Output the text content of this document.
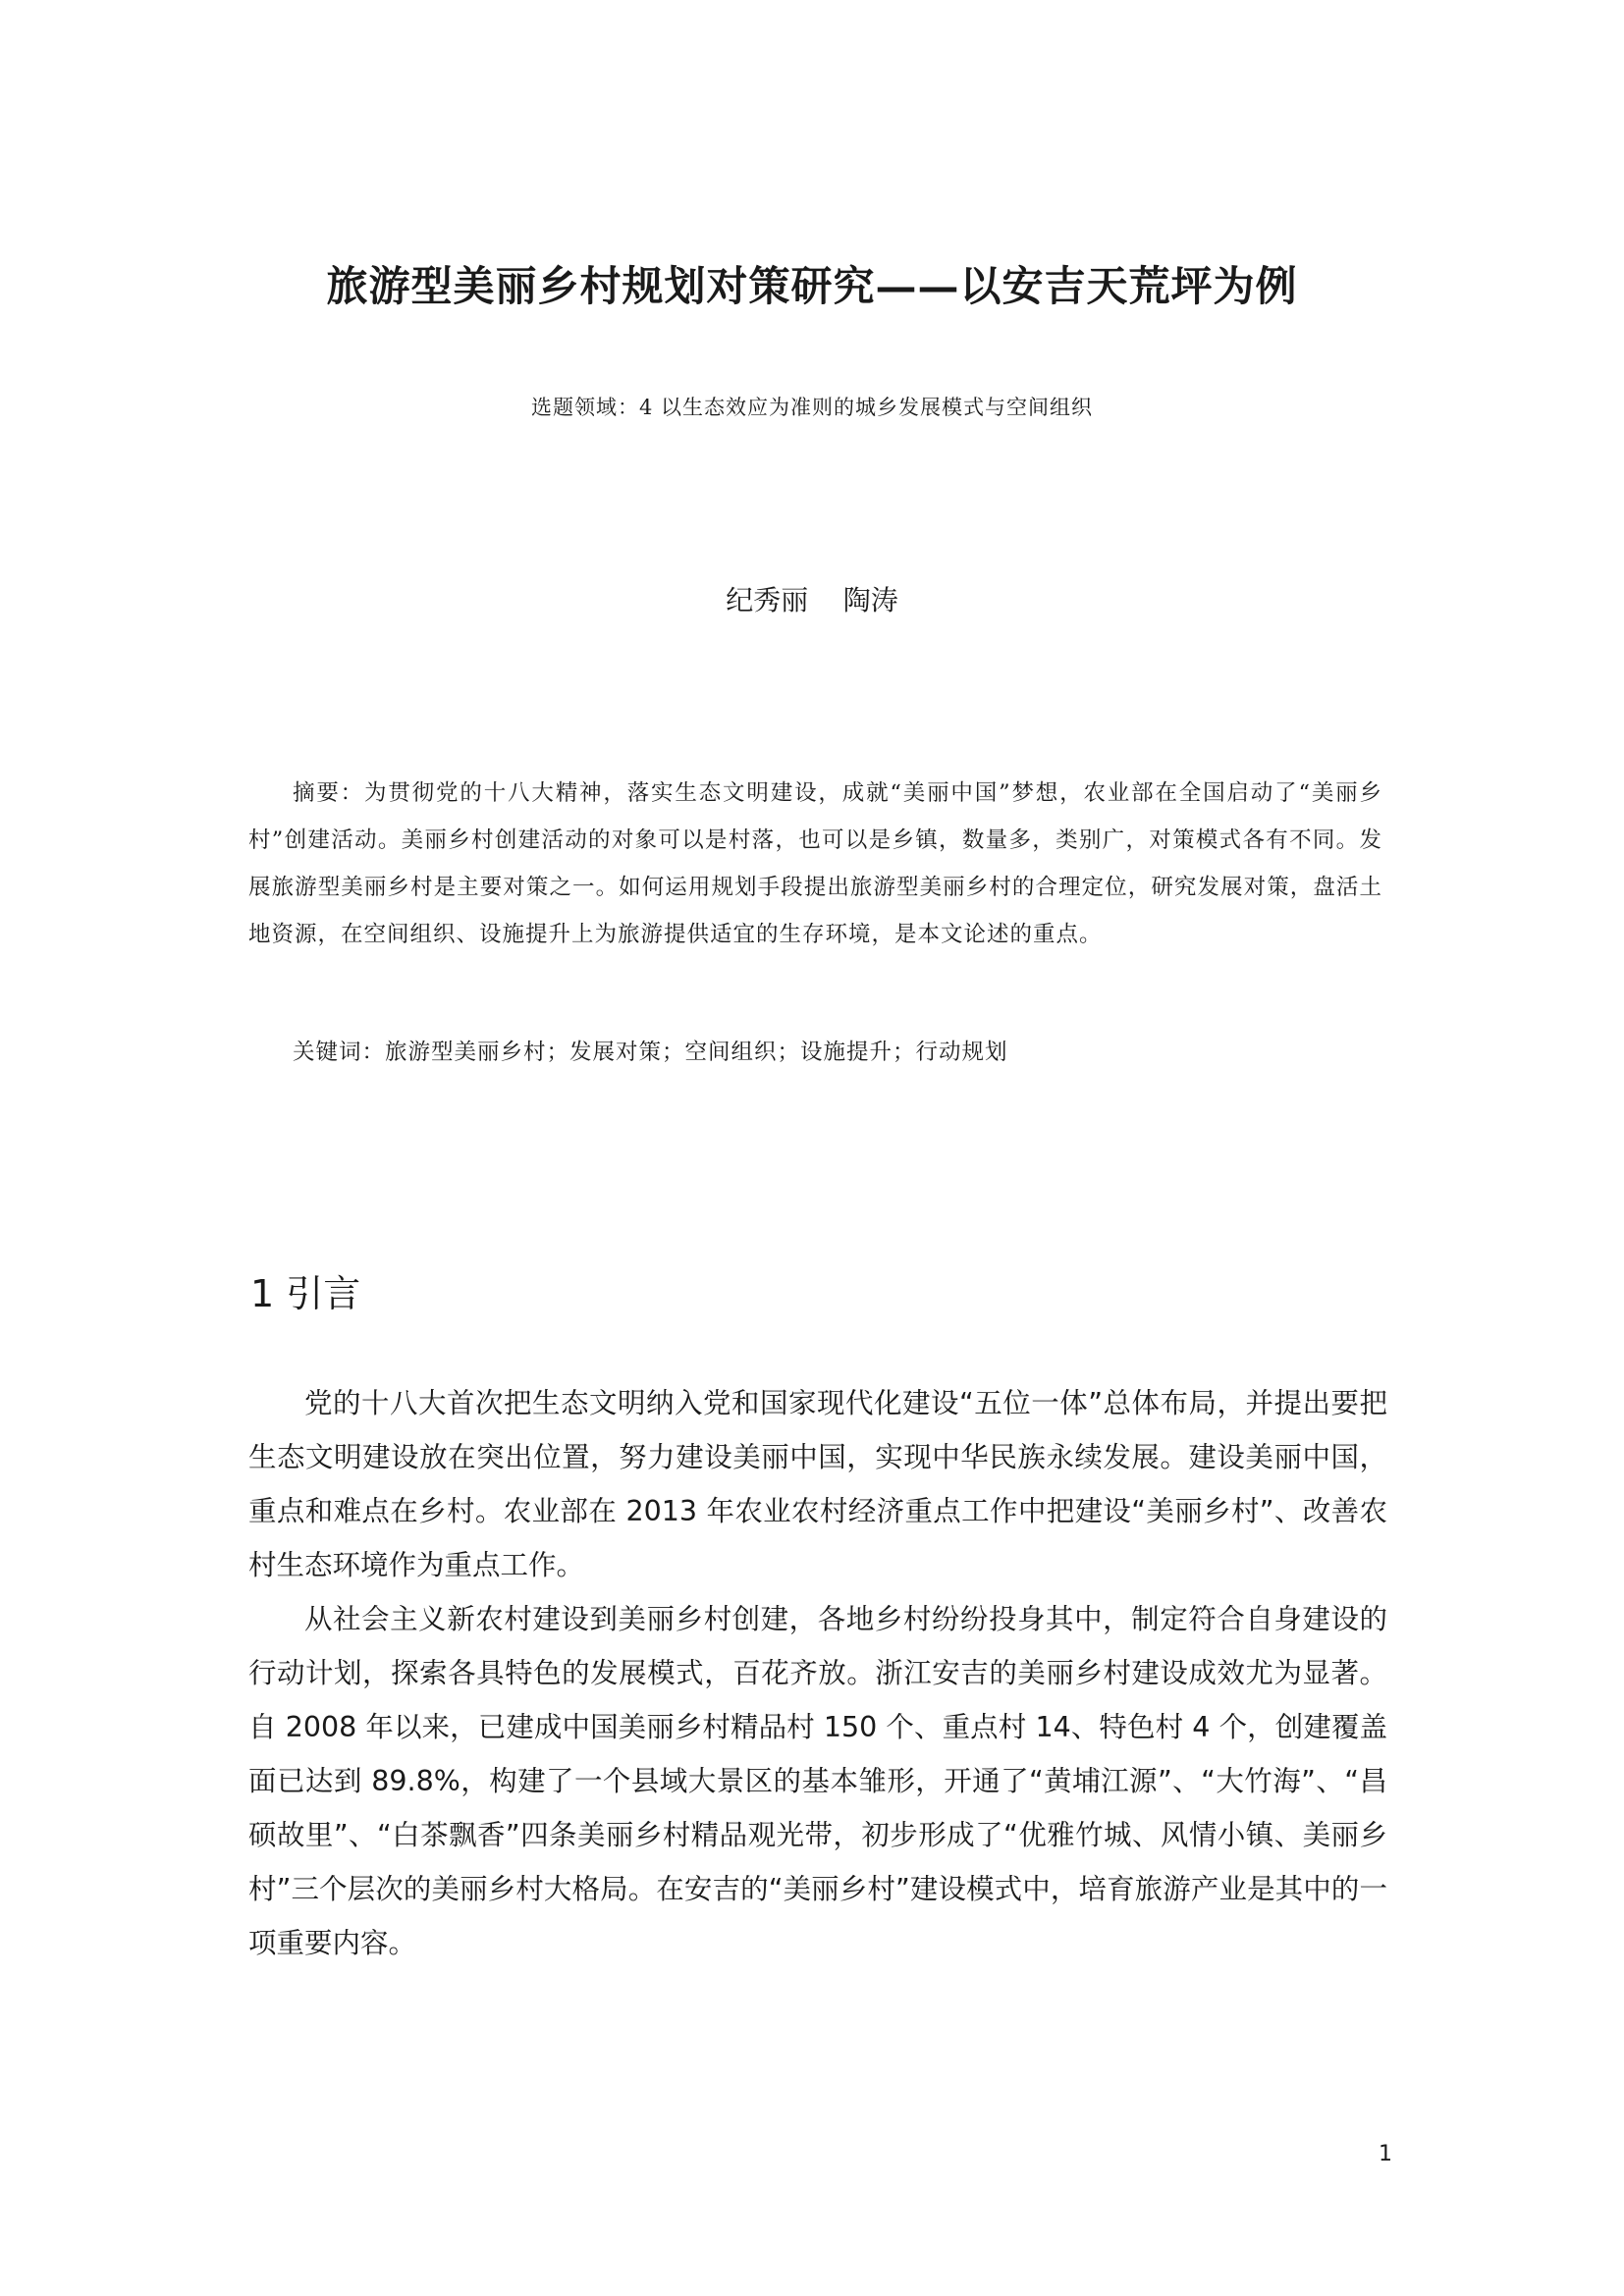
旅游型美丽乡村规划对策研究——以安吉天荒坪为例
选题领域：4 以生态效应为准则的城乡发展模式与空间组织
纪秀丽    陶涛

摘要：为贯彻党的十八大精神，落实生态文明建设，成就“美丽中国”梦想，农业部在全国启动了“美丽乡村”创建活动。美丽乡村创建活动的对象可以是村落，也可以是乡镇，数量多，类别广，对策模式各有不同。发展旅游型美丽乡村是主要对策之一。如何运用规划手段提出旅游型美丽乡村的合理定位，研究发展对策，盘活土地资源，在空间组织、设施提升上为旅游提供适宜的生存环境，是本文论述的重点。

关键词：旅游型美丽乡村；发展对策；空间组织；设施提升；行动规划

1 引言

党的十八大首次把生态文明纳入党和国家现代化建设“五位一体”总体布局，并提出要把生态文明建设放在突出位置，努力建设美丽中国，实现中华民族永续发展。建设美丽中国，重点和难点在乡村。农业部在 2013 年农业农村经济重点工作中把建设“美丽乡村”、改善农村生态环境作为重点工作。

从社会主义新农村建设到美丽乡村创建，各地乡村纷纷投身其中，制定符合自身建设的行动计划，探索各具特色的发展模式，百花齐放。浙江安吉的美丽乡村建设成效尤为显著。自 2008 年以来，已建成中国美丽乡村精品村 150 个、重点村 14、特色村 4 个，创建覆盖面已达到 89.8%，构建了一个县域大景区的基本雏形，开通了“黄埔江源”、“大竹海”、“昌硕故里”、“白茶飘香”四条美丽乡村精品观光带，初步形成了“优雅竹城、风情小镇、美丽乡村”三个层次的美丽乡村大格局。在安吉的“美丽乡村”建设模式中，培育旅游产业是其中的一项重要内容。

1
